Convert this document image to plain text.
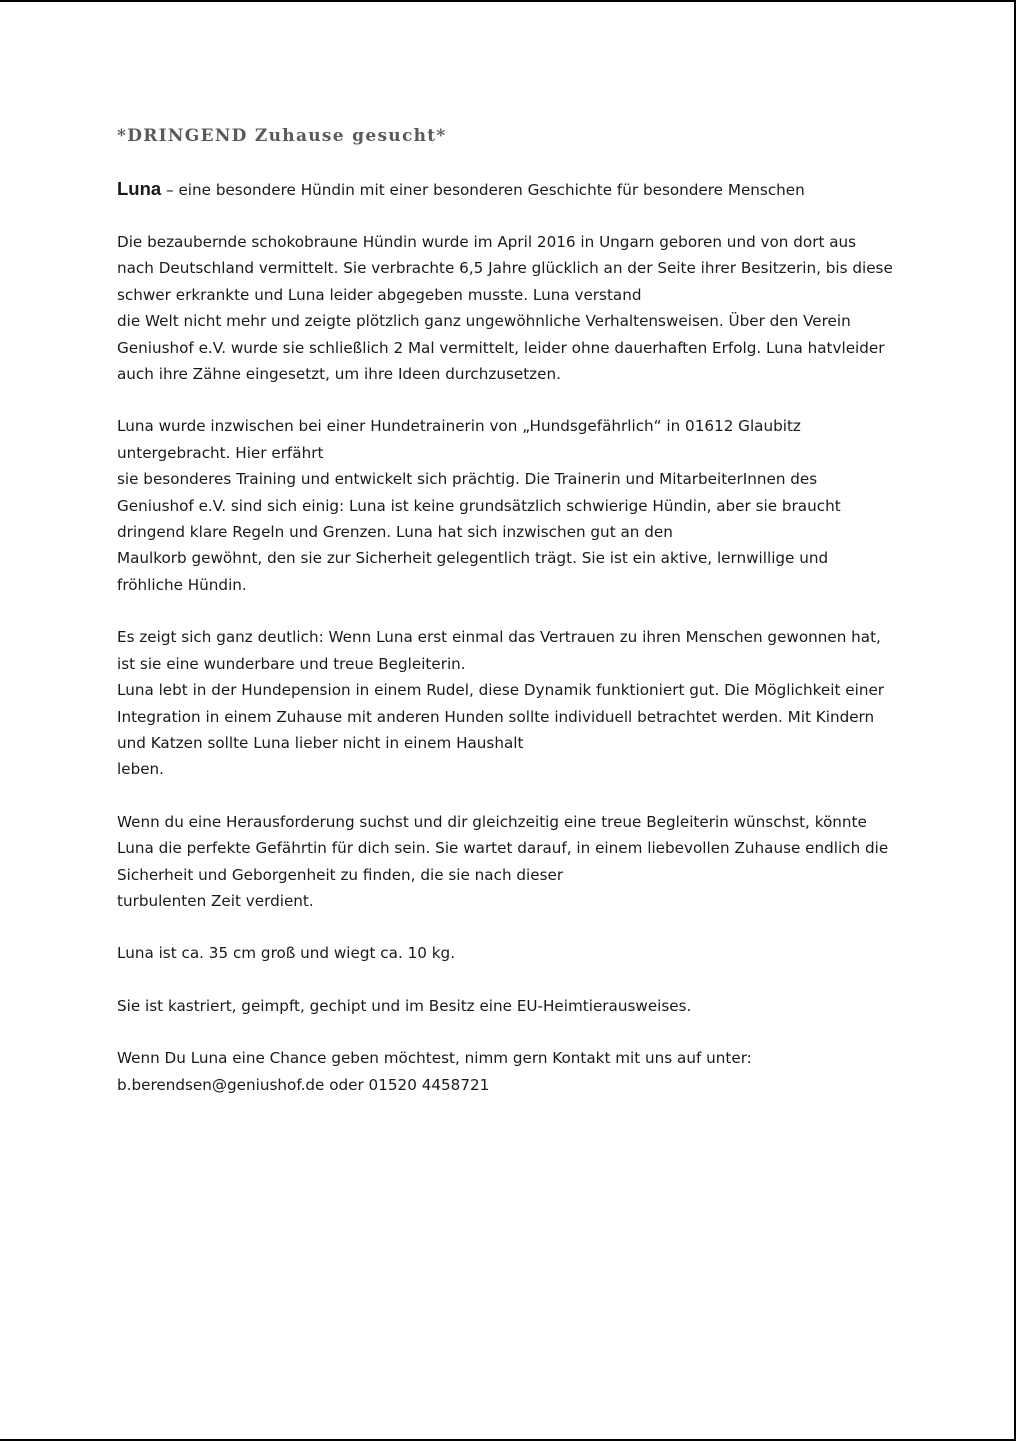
*DRINGEND Zuhause gesucht*

Luna – eine besondere Hündin mit einer besonderen Geschichte für besondere Menschen

Die bezaubernde schokobraune Hündin wurde im April 2016 in Ungarn geboren und von dort aus
nach Deutschland vermittelt. Sie verbrachte 6,5 Jahre glücklich an der Seite ihrer Besitzerin, bis diese
schwer erkrankte und Luna leider abgegeben musste. Luna verstand
die Welt nicht mehr und zeigte plötzlich ganz ungewöhnliche Verhaltensweisen. Über den Verein
Geniushof e.V. wurde sie schließlich 2 Mal vermittelt, leider ohne dauerhaften Erfolg. Luna hatvleider
auch ihre Zähne eingesetzt, um ihre Ideen durchzusetzen.
Luna wurde inzwischen bei einer Hundetrainerin von „Hundsgefährlich“ in 01612 Glaubitz
untergebracht. Hier erfährt
sie besonderes Training und entwickelt sich prächtig. Die Trainerin und MitarbeiterInnen des
Geniushof e.V. sind sich einig: Luna ist keine grundsätzlich schwierige Hündin, aber sie braucht
dringend klare Regeln und Grenzen. Luna hat sich inzwischen gut an den
Maulkorb gewöhnt, den sie zur Sicherheit gelegentlich trägt. Sie ist ein aktive, lernwillige und
fröhliche Hündin.
Es zeigt sich ganz deutlich: Wenn Luna erst einmal das Vertrauen zu ihren Menschen gewonnen hat,
ist sie eine wunderbare und treue Begleiterin.
Luna lebt in der Hundepension in einem Rudel, diese Dynamik funktioniert gut. Die Möglichkeit einer
Integration in einem Zuhause mit anderen Hunden sollte individuell betrachtet werden. Mit Kindern
und Katzen sollte Luna lieber nicht in einem Haushalt
leben.
Wenn du eine Herausforderung suchst und dir gleichzeitig eine treue Begleiterin wünschst, könnte
Luna die perfekte Gefährtin für dich sein. Sie wartet darauf, in einem liebevollen Zuhause endlich die
Sicherheit und Geborgenheit zu finden, die sie nach dieser
turbulenten Zeit verdient.
Luna ist ca. 35 cm groß und wiegt ca. 10 kg.
Sie ist kastriert, geimpft, gechipt und im Besitz eine EU-Heimtierausweises.
Wenn Du Luna eine Chance geben möchtest, nimm gern Kontakt mit uns auf unter:
b.berendsen@geniushof.de oder 01520 4458721
